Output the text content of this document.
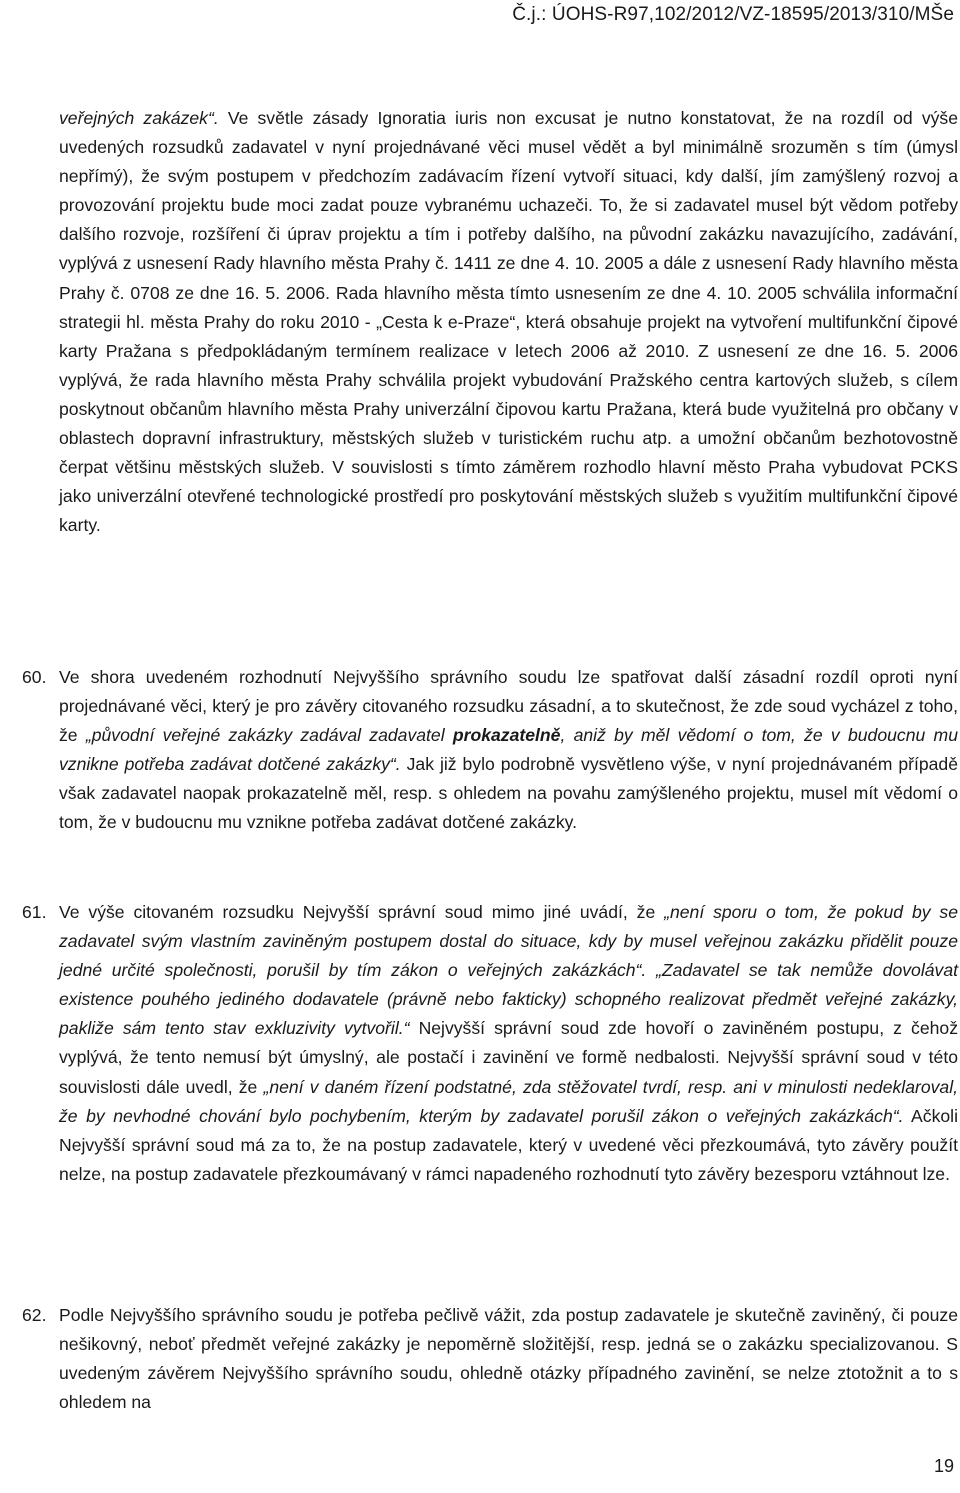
Č.j.: ÚOHS-R97,102/2012/VZ-18595/2013/310/MŠe

veřejných zakázek“. Ve světle zásady Ignoratia iuris non excusat je nutno konstatovat, že na rozdíl od výše uvedených rozsudků zadavatel v nyní projednávané věci musel vědět a byl minimálně srozuměn s tím (úmysl nepřímý), že svým postupem v předchozím zadávacím řízení vytvoří situaci, kdy další, jím zamýšlený rozvoj a provozování projektu bude moci zadat pouze vybranému uchazeči. To, že si zadavatel musel být vědom potřeby dalšího rozvoje, rozšíření či úprav projektu a tím i potřeby dalšího, na původní zakázku navazujícího, zadávání, vyplývá z usnesení Rady hlavního města Prahy č. 1411 ze dne 4. 10. 2005 a dále z usnesení Rady hlavního města Prahy č. 0708 ze dne 16. 5. 2006. Rada hlavního města tímto usnesením ze dne 4. 10. 2005 schválila informační strategii hl. města Prahy do roku 2010 - „Cesta k e-Praze“, která obsahuje projekt na vytvoření multifunkční čipové karty Pražana s předpokládaným termínem realizace v letech 2006 až 2010. Z usnesení ze dne 16. 5. 2006 vyplývá, že rada hlavního města Prahy schválila projekt vybudování Pražského centra kartových služeb, s cílem poskytnout občanům hlavního města Prahy univerzální čipovou kartu Pražana, která bude využitelná pro občany v oblastech dopravní infrastruktury, městských služeb v turistickém ruchu atp. a umožní občanům bezhotovostně čerpat většinu městských služeb. V souvislosti s tímto záměrem rozhodlo hlavní město Praha vybudovat PCKS jako univerzální otevřené technologické prostředí pro poskytování městských služeb s využitím multifunkční čipové karty.

60. Ve shora uvedeném rozhodnutí Nejvyššího správního soudu lze spatřovat další zásadní rozdíl oproti nyní projednávané věci, který je pro závěry citovaného rozsudku zásadní, a to skutečnost, že zde soud vycházel z toho, že „původní veřejné zakázky zadával zadavatel prokazatelně, aniž by měl vědomí o tom, že v budoucnu mu vznikne potřeba zadávat dotčené zakázky“. Jak již bylo podrobně vysvětleno výše, v nyní projednávaném případě však zadavatel naopak prokazatelně měl, resp. s ohledem na povahu zamýšleného projektu, musel mít vědomí o tom, že v budoucnu mu vznikne potřeba zadávat dotčené zakázky.

61. Ve výše citovaném rozsudku Nejvyšší správní soud mimo jiné uvádí, že „není sporu o tom, že pokud by se zadavatel svým vlastním zaviněným postupem dostal do situace, kdy by musel veřejnou zakázku přidělit pouze jedné určité společnosti, porušil by tím zákon o veřejných zakázkách“. „Zadavatel se tak nemůže dovolávat existence pouhého jediného dodavatele (právně nebo fakticky) schopného realizovat předmět veřejné zakázky, pakliže sám tento stav exkluzivity vytvořil.“ Nejvyšší správní soud zde hovoří o zaviněném postupu, z čehož vyplývá, že tento nemusí být úmyslný, ale postačí i zavinění ve formě nedbalosti. Nejvyšší správní soud v této souvislosti dále uvedl, že „není v daném řízení podstatné, zda stěžovatel tvrdí, resp. ani v minulosti nedeklaroval, že by nevhodné chování bylo pochybením, kterým by zadavatel porušil zákon o veřejných zakázkách“. Ačkoli Nejvyšší správní soud má za to, že na postup zadavatele, který v uvedené věci přezkoumává, tyto závěry použít nelze, na postup zadavatele přezkoumávaný v rámci napadeného rozhodnutí tyto závěry bezesporu vztáhnout lze.

62. Podle Nejvyššího správního soudu je potřeba pečlivě vážit, zda postup zadavatele je skutečně zaviněný, či pouze nešikovný, neboť předmět veřejné zakázky je nepoměrně složitější, resp. jedná se o zakázku specializovanou. S uvedeným závěrem Nejvyššího správního soudu, ohledně otázky případného zavinění, se nelze ztotožnit a to s ohledem na

19
